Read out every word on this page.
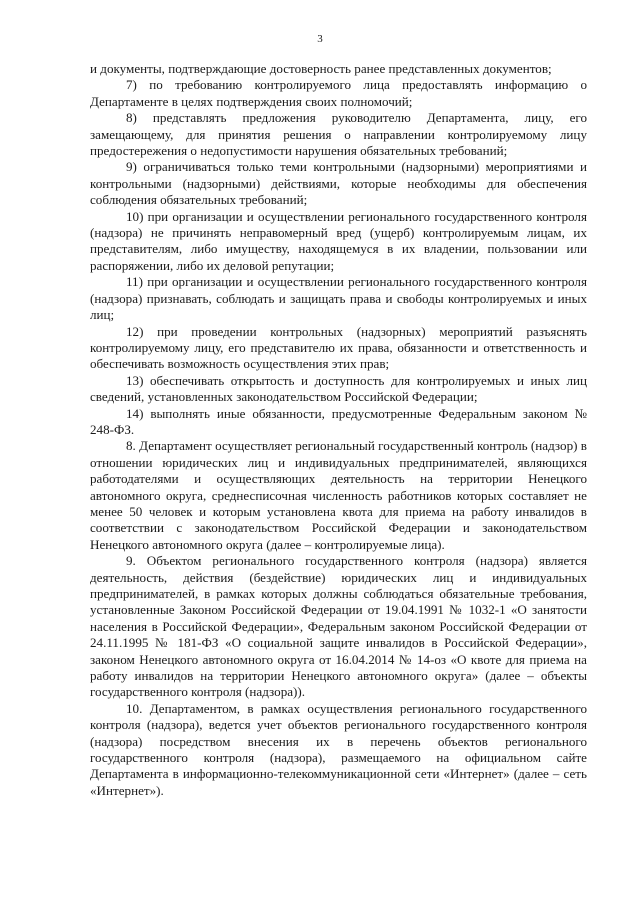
3

и документы, подтверждающие достоверность ранее представленных документов;

7) по требованию контролируемого лица предоставлять информацию о Департаменте в целях подтверждения своих полномочий;

8) представлять предложения руководителю Департамента, лицу, его замещающему, для принятия решения о направлении контролируемому лицу предостережения о недопустимости нарушения обязательных требований;

9) ограничиваться только теми контрольными (надзорными) мероприятиями и контрольными (надзорными) действиями, которые необходимы для обеспечения соблюдения обязательных требований;

10) при организации и осуществлении регионального государственного контроля (надзора) не причинять неправомерный вред (ущерб) контролируемым лицам, их представителям, либо имуществу, находящемуся в их владении, пользовании или распоряжении, либо их деловой репутации;

11) при организации и осуществлении регионального государственного контроля (надзора) признавать, соблюдать и защищать права и свободы контролируемых и иных лиц;

12) при проведении контрольных (надзорных) мероприятий разъяснять контролируемому лицу, его представителю их права, обязанности и ответственность и обеспечивать возможность осуществления этих прав;

13) обеспечивать открытость и доступность для контролируемых и иных лиц сведений, установленных законодательством Российской Федерации;

14) выполнять иные обязанности, предусмотренные Федеральным законом № 248-ФЗ.

8. Департамент осуществляет региональный государственный контроль (надзор) в отношении юридических лиц и индивидуальных предпринимателей, являющихся работодателями и осуществляющих деятельность на территории Ненецкого автономного округа, среднесписочная численность работников которых составляет не менее 50 человек и которым установлена квота для приема на работу инвалидов в соответствии с законодательством Российской Федерации и законодательством Ненецкого автономного округа (далее – контролируемые лица).

9. Объектом регионального государственного контроля (надзора) является деятельность, действия (бездействие) юридических лиц и индивидуальных предпринимателей, в рамках которых должны соблюдаться обязательные требования, установленные Законом Российской Федерации от 19.04.1991 № 1032-1 «О занятости населения в Российской Федерации», Федеральным законом Российской Федерации от 24.11.1995 № 181-ФЗ «О социальной защите инвалидов в Российской Федерации», законом Ненецкого автономного округа от 16.04.2014 № 14-оз «О квоте для приема на работу инвалидов на территории Ненецкого автономного округа» (далее – объекты государственного контроля (надзора)).

10. Департаментом, в рамках осуществления регионального государственного контроля (надзора), ведется учет объектов регионального государственного контроля (надзора) посредством внесения их в перечень объектов регионального государственного контроля (надзора), размещаемого на официальном сайте Департамента в информационно-телекоммуникационной сети «Интернет» (далее – сеть «Интернет»).
